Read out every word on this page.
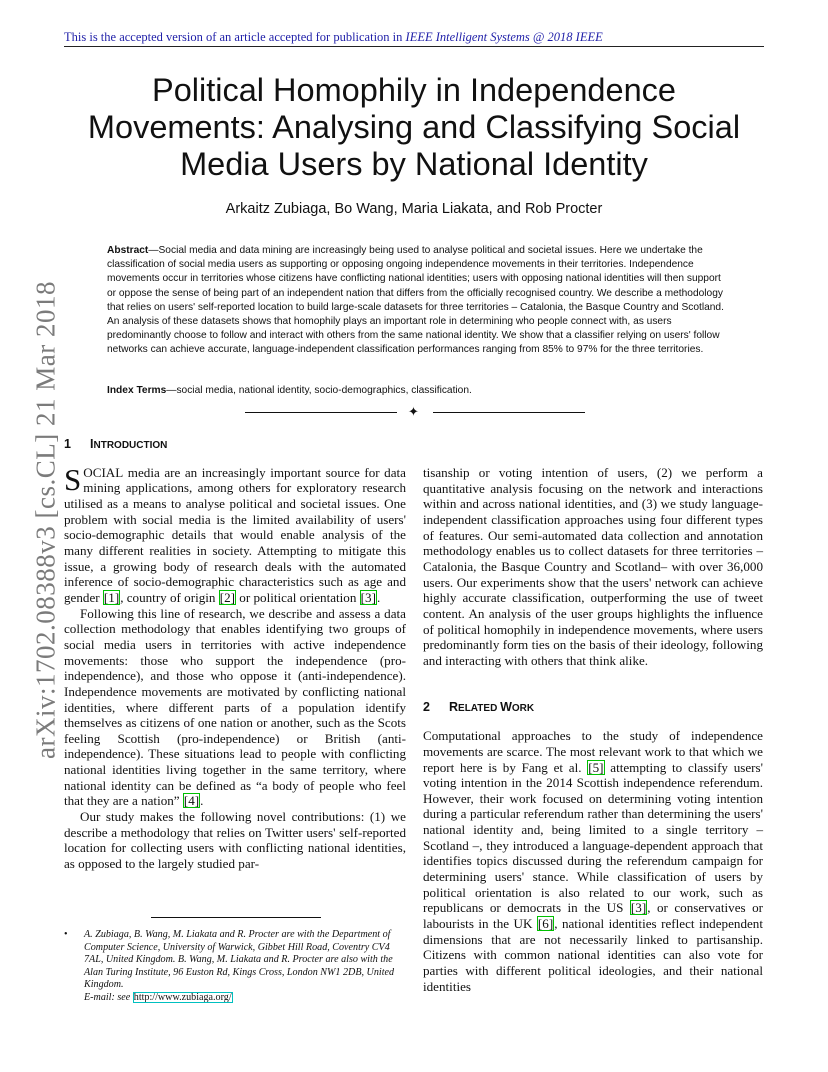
This is the accepted version of an article accepted for publication in IEEE Intelligent Systems @ 2018 IEEE
arXiv:1702.08388v3 [cs.CL] 21 Mar 2018
Political Homophily in Independence
Movements: Analysing and Classifying Social
Media Users by National Identity
Arkaitz Zubiaga, Bo Wang, Maria Liakata, and Rob Procter

Abstract—Social media and data mining are increasingly being used to analyse political and societal issues. Here we undertake the classification of social media users as supporting or opposing ongoing independence movements in their territories. Independence movements occur in territories whose citizens have conflicting national identities; users with opposing national identities will then support or oppose the sense of being part of an independent nation that differs from the officially recognised country. We describe a methodology that relies on users' self-reported location to build large-scale datasets for three territories – Catalonia, the Basque Country and Scotland. An analysis of these datasets shows that homophily plays an important role in determining who people connect with, as users predominantly choose to follow and interact with others from the same national identity. We show that a classifier relying on users' follow networks can achieve accurate, language-independent classification performances ranging from 85% to 97% for the three territories.

Index Terms—social media, national identity, socio-demographics, classification.

✦
1 INTRODUCTION

SOCIAL media are an increasingly important source for data mining applications, among others for exploratory research utilised as a means to analyse political and societal issues. One problem with social media is the limited availability of users' socio-demographic details that would enable analysis of the many different realities in society. Attempting to mitigate this issue, a growing body of research deals with the automated inference of socio-demographic characteristics such as age and gender [1], country of origin [2] or political orientation [3].

Following this line of research, we describe and assess a data collection methodology that enables identifying two groups of social media users in territories with active independence movements: those who support the independence (pro-independence), and those who oppose it (anti-independence). Independence movements are motivated by conflicting national identities, where different parts of a population identify themselves as citizens of one nation or another, such as the Scots feeling Scottish (pro-independence) or British (anti-independence). These situations lead to people with conflicting national identities living together in the same territory, where national identity can be defined as “a body of people who feel that they are a nation” [4].

Our study makes the following novel contributions: (1) we describe a methodology that relies on Twitter users' self-reported location for collecting users with conflicting national identities, as opposed to the largely studied par-

tisanship or voting intention of users, (2) we perform a quantitative analysis focusing on the network and interactions within and across national identities, and (3) we study language-independent classification approaches using four different types of features. Our semi-automated data collection and annotation methodology enables us to collect datasets for three territories –Catalonia, the Basque Country and Scotland– with over 36,000 users. Our experiments show that the users' network can achieve highly accurate classification, outperforming the use of tweet content. An analysis of the user groups highlights the influence of political homophily in independence movements, where users predominantly form ties on the basis of their ideology, following and interacting with others that think alike.

2 RELATED WORK

Computational approaches to the study of independence movements are scarce. The most relevant work to that which we report here is by Fang et al. [5] attempting to classify users' voting intention in the 2014 Scottish independence referendum. However, their work focused on determining voting intention during a particular referendum rather than determining the users' national identity and, being limited to a single territory – Scotland –, they introduced a language-dependent approach that identifies topics discussed during the referendum campaign for determining users' stance. While classification of users by political orientation is also related to our work, such as republicans or democrats in the US [3], or conservatives or labourists in the UK [6], national identities reflect independent dimensions that are not necessarily linked to partisanship. Citizens with common national identities can also vote for parties with different political ideologies, and their national identities

• A. Zubiaga, B. Wang, M. Liakata and R. Procter are with the Department of Computer Science, University of Warwick, Gibbet Hill Road, Coventry CV4 7AL, United Kingdom. B. Wang, M. Liakata and R. Procter are also with the Alan Turing Institute, 96 Euston Rd, Kings Cross, London NW1 2DB, United Kingdom.
E-mail: see http://www.zubiaga.org/
